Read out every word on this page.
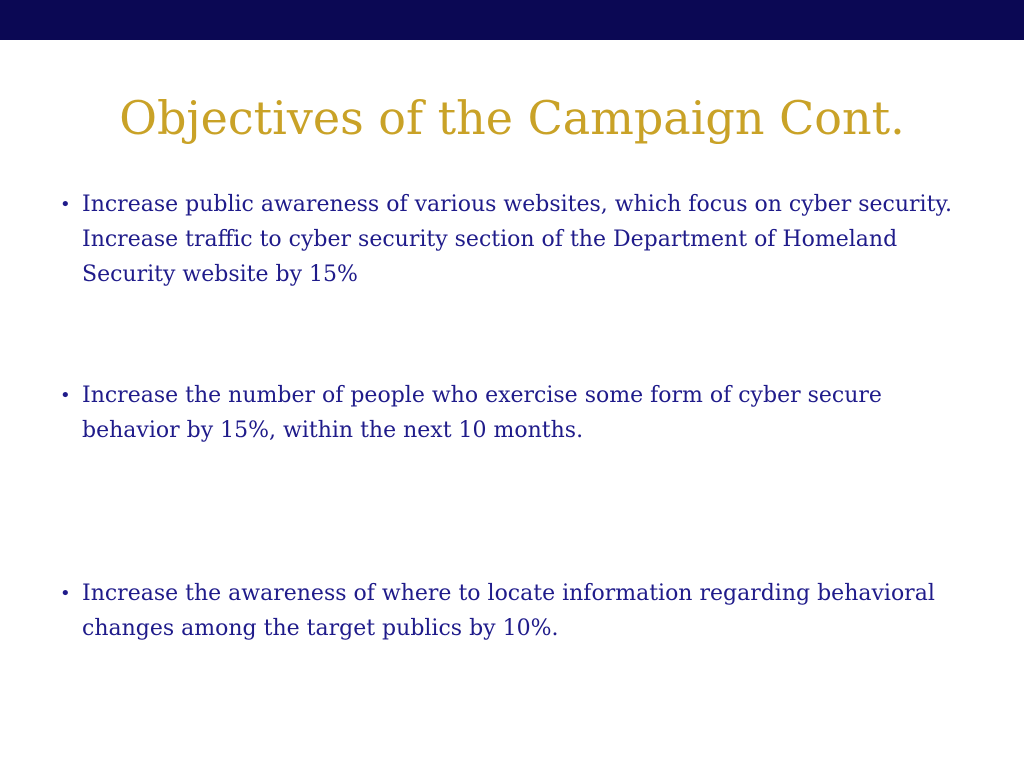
Objectives of the Campaign Cont.
• Increase public awareness of various websites, which focus on cyber security. Increase traffic to cyber security section of the Department of Homeland Security website by 15%
• Increase the number of people who exercise some form of cyber secure behavior by 15%, within the next 10 months.
• Increase the awareness of where to locate information regarding behavioral changes among the target publics by 10%.
